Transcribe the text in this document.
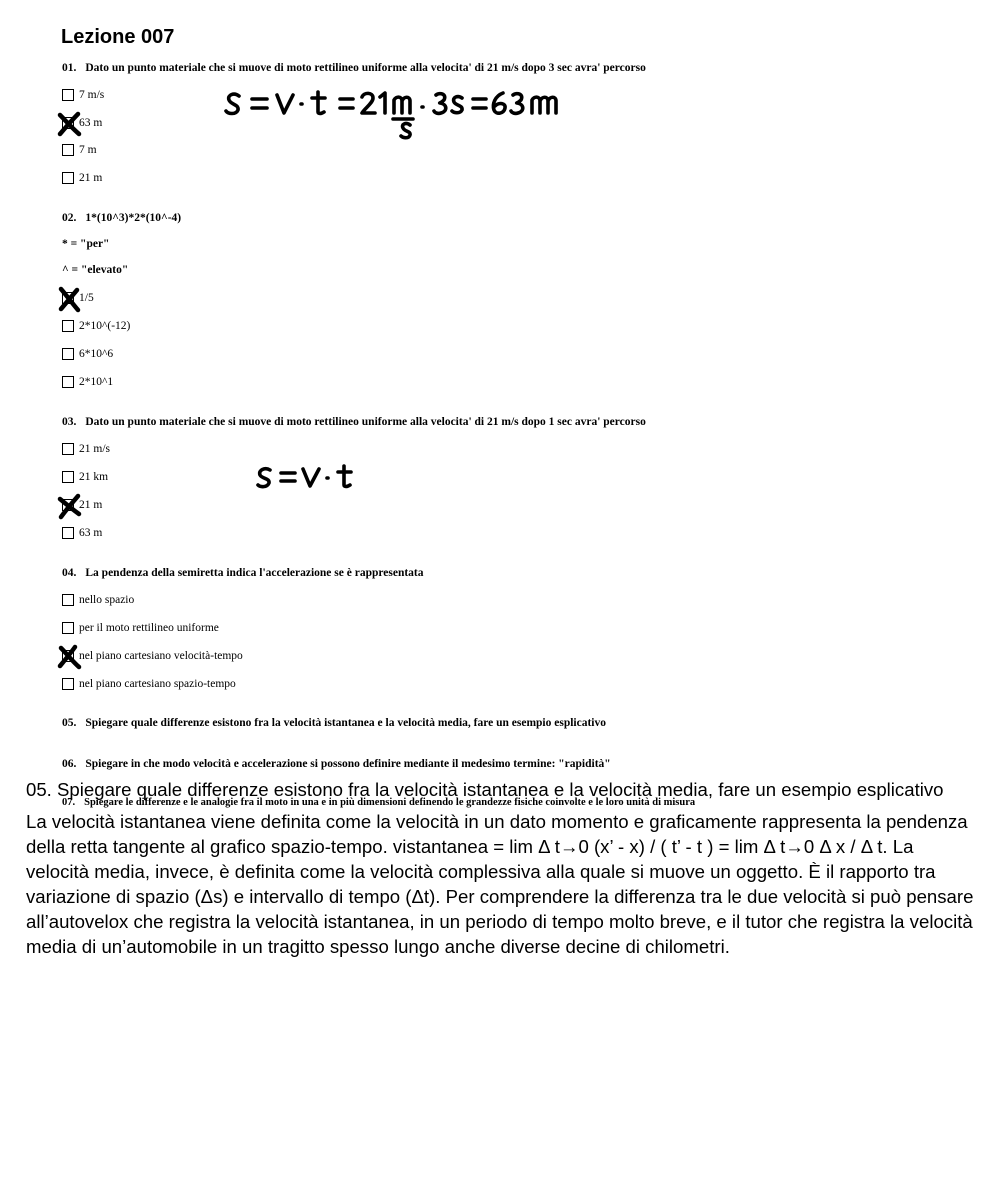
Lezione 007
01. Dato un punto materiale che si muove di moto rettilineo uniforme alla velocita' di 21 m/s dopo 3 sec avra' percorso
7 m/s
63 m
7 m
21 m
02. 1*(10^3)*2*(10^-4)
* = "per"
^ = "elevato"
1/5
2*10^(-12)
6*10^6
2*10^1
03. Dato un punto materiale che si muove di moto rettilineo uniforme alla velocita' di 21 m/s dopo 1 sec avra' percorso
21 m/s
21 km
21 m
63 m
04. La pendenza della semiretta indica l'accelerazione se è rappresentata
nello spazio
per il moto rettilineo uniforme
nel piano cartesiano velocità-tempo
nel piano cartesiano spazio-tempo
05. Spiegare quale differenze esistono fra la velocità istantanea e la velocità media, fare un esempio esplicativo
06. Spiegare in che modo velocità e accelerazione si possono definire mediante il medesimo termine: "rapidità"
07. Spiegare le differenze e le analogie fra il moto in una e in più dimensioni definendo le grandezze fisiche coinvolte e le loro unità di misura
05. Spiegare quale differenze esistono fra la velocità istantanea e la velocità media, fare un esempio esplicativo
La velocità istantanea viene definita come la velocità in un dato momento e graficamente rappresenta la pendenza della retta tangente al grafico spazio-tempo. vistantanea = lim Δ t→0 (x’ - x) / ( t’ - t ) = lim Δ t→0 Δ x / Δ t. La velocità media, invece, è definita come la velocità complessiva alla quale si muove un oggetto. È il rapporto tra variazione di spazio (Δs) e intervallo di tempo (Δt). Per comprendere la differenza tra le due velocità si può pensare all’autovelox che registra la velocità istantanea, in un periodo di tempo molto breve, e il tutor che registra la velocità media di un’automobile in un tragitto spesso lungo anche diverse decine di chilometri.
